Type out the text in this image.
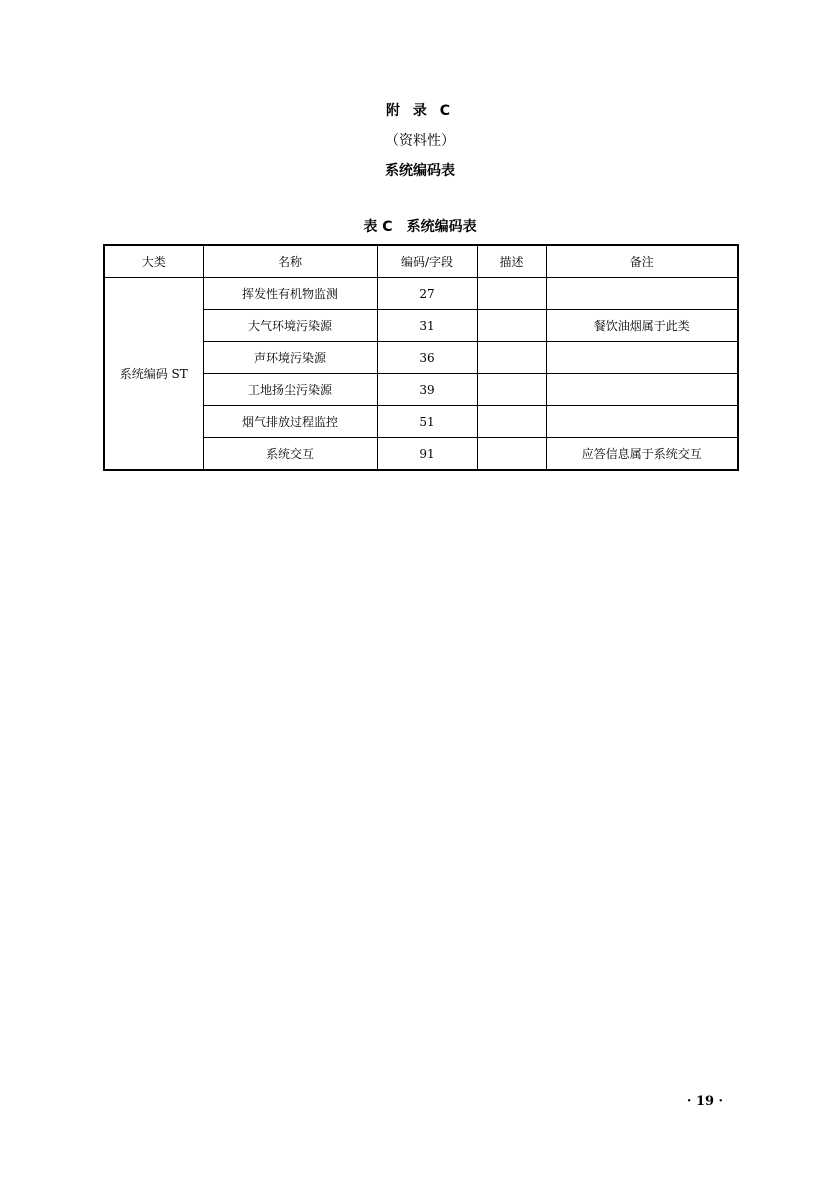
附 录 C
（资料性）
系统编码表
表 C 系统编码表
大类	名称	编码/字段	描述	备注
系统编码 ST	挥发性有机物监测	27		
	大气环境污染源	31		餐饮油烟属于此类
	声环境污染源	36		
	工地扬尘污染源	39		
	烟气排放过程监控	51		
	系统交互	91		应答信息属于系统交互
· 19 ·
